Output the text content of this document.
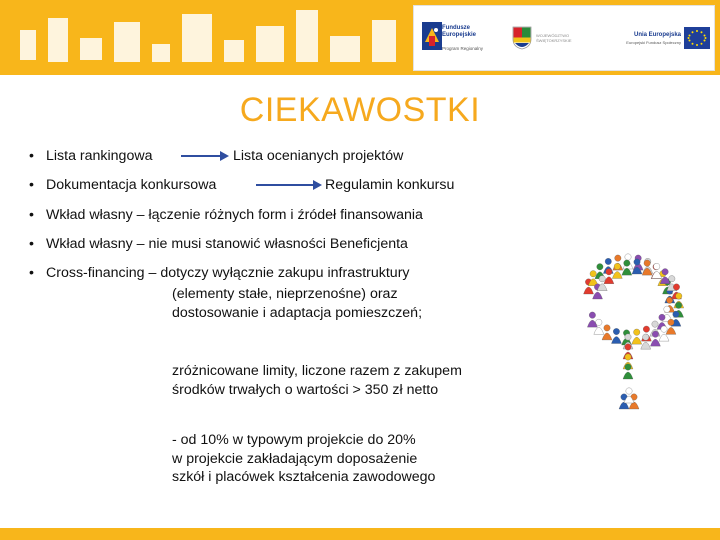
Fundusze Europejskie
Program Regionalny
WOJEWÓDZTWO ŚWIĘTOKRZYSKIE
Unia Europejska
Europejski Fundusz Społeczny
CIEKAWOSTKI
• Lista rankingowa	Lista ocenianych projektów
• Dokumentacja konkursowa	Regulamin konkursu
• Wkład własny – łączenie różnych form i źródeł finansowania
• Wkład własny – nie musi stanowić własności Beneficjenta
• Cross-financing – dotyczy wyłącznie zakupu infrastruktury
(elementy stałe, nieprzenośne) oraz
dostosowanie i adaptacja pomieszczeń;
zróżnicowane limity, liczone razem z zakupem
środków trwałych o wartości > 350 zł netto
- od 10% w typowym projekcie do 20%
w projekcie zakładającym doposażenie
szkół i placówek kształcenia zawodowego
